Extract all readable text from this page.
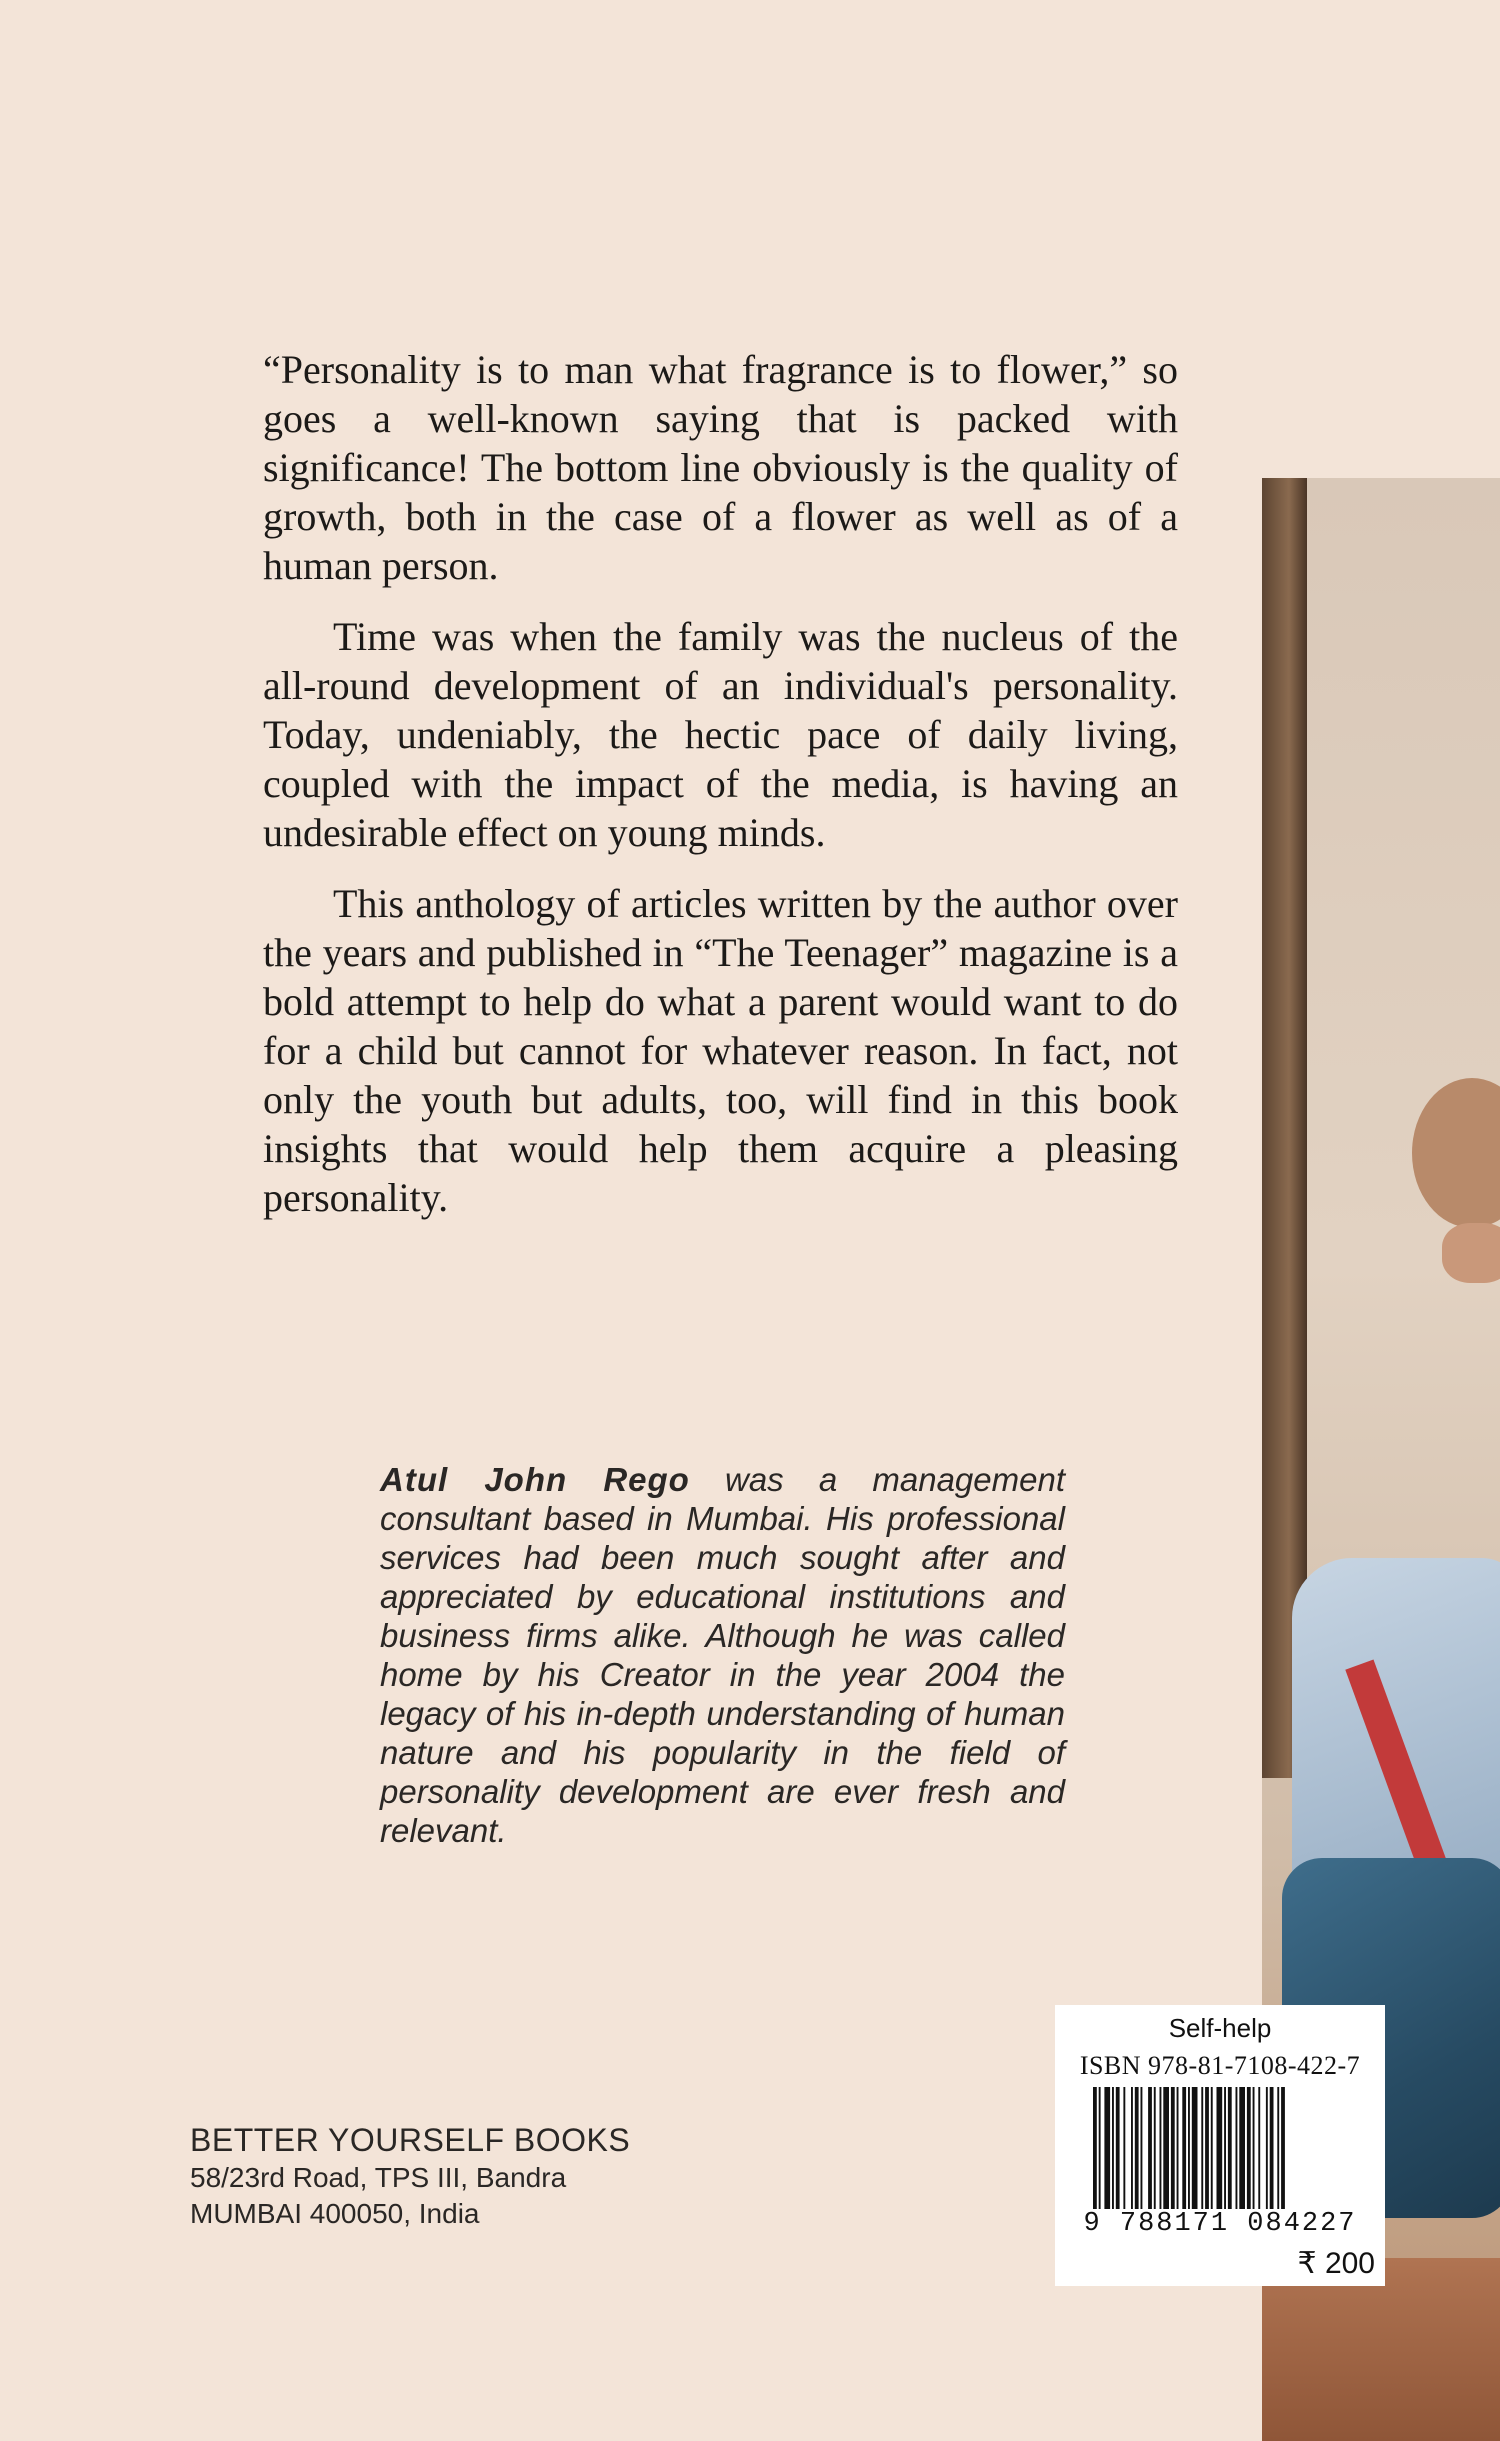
“Personality is to man what fragrance is to flower,” so goes a well-known saying that is packed with significance! The bottom line obviously is the quality of growth, both in the case of a flower as well as of a human person.

Time was when the family was the nucleus of the all-round development of an individual's personality. Today, undeniably, the hectic pace of daily living, coupled with the impact of the media, is having an undesirable effect on young minds.

This anthology of articles written by the author over the years and published in “The Teenager” magazine is a bold attempt to help do what a parent would want to do for a child but cannot for whatever reason. In fact, not only the youth but adults, too, will find in this book insights that would help them acquire a pleasing personality.

Atul John Rego was a management consultant based in Mumbai. His professional services had been much sought after and appreciated by educational institutions and business firms alike. Although he was called home by his Creator in the year 2004 the legacy of his in-depth understanding of human nature and his popularity in the field of personality development are ever fresh and relevant.
BETTER YOURSELF BOOKS
58/23rd Road, TPS III, Bandra
MUMBAI 400050, India
Self-help
ISBN 978-81-7108-422-7
9 788171 084227
₹ 200
